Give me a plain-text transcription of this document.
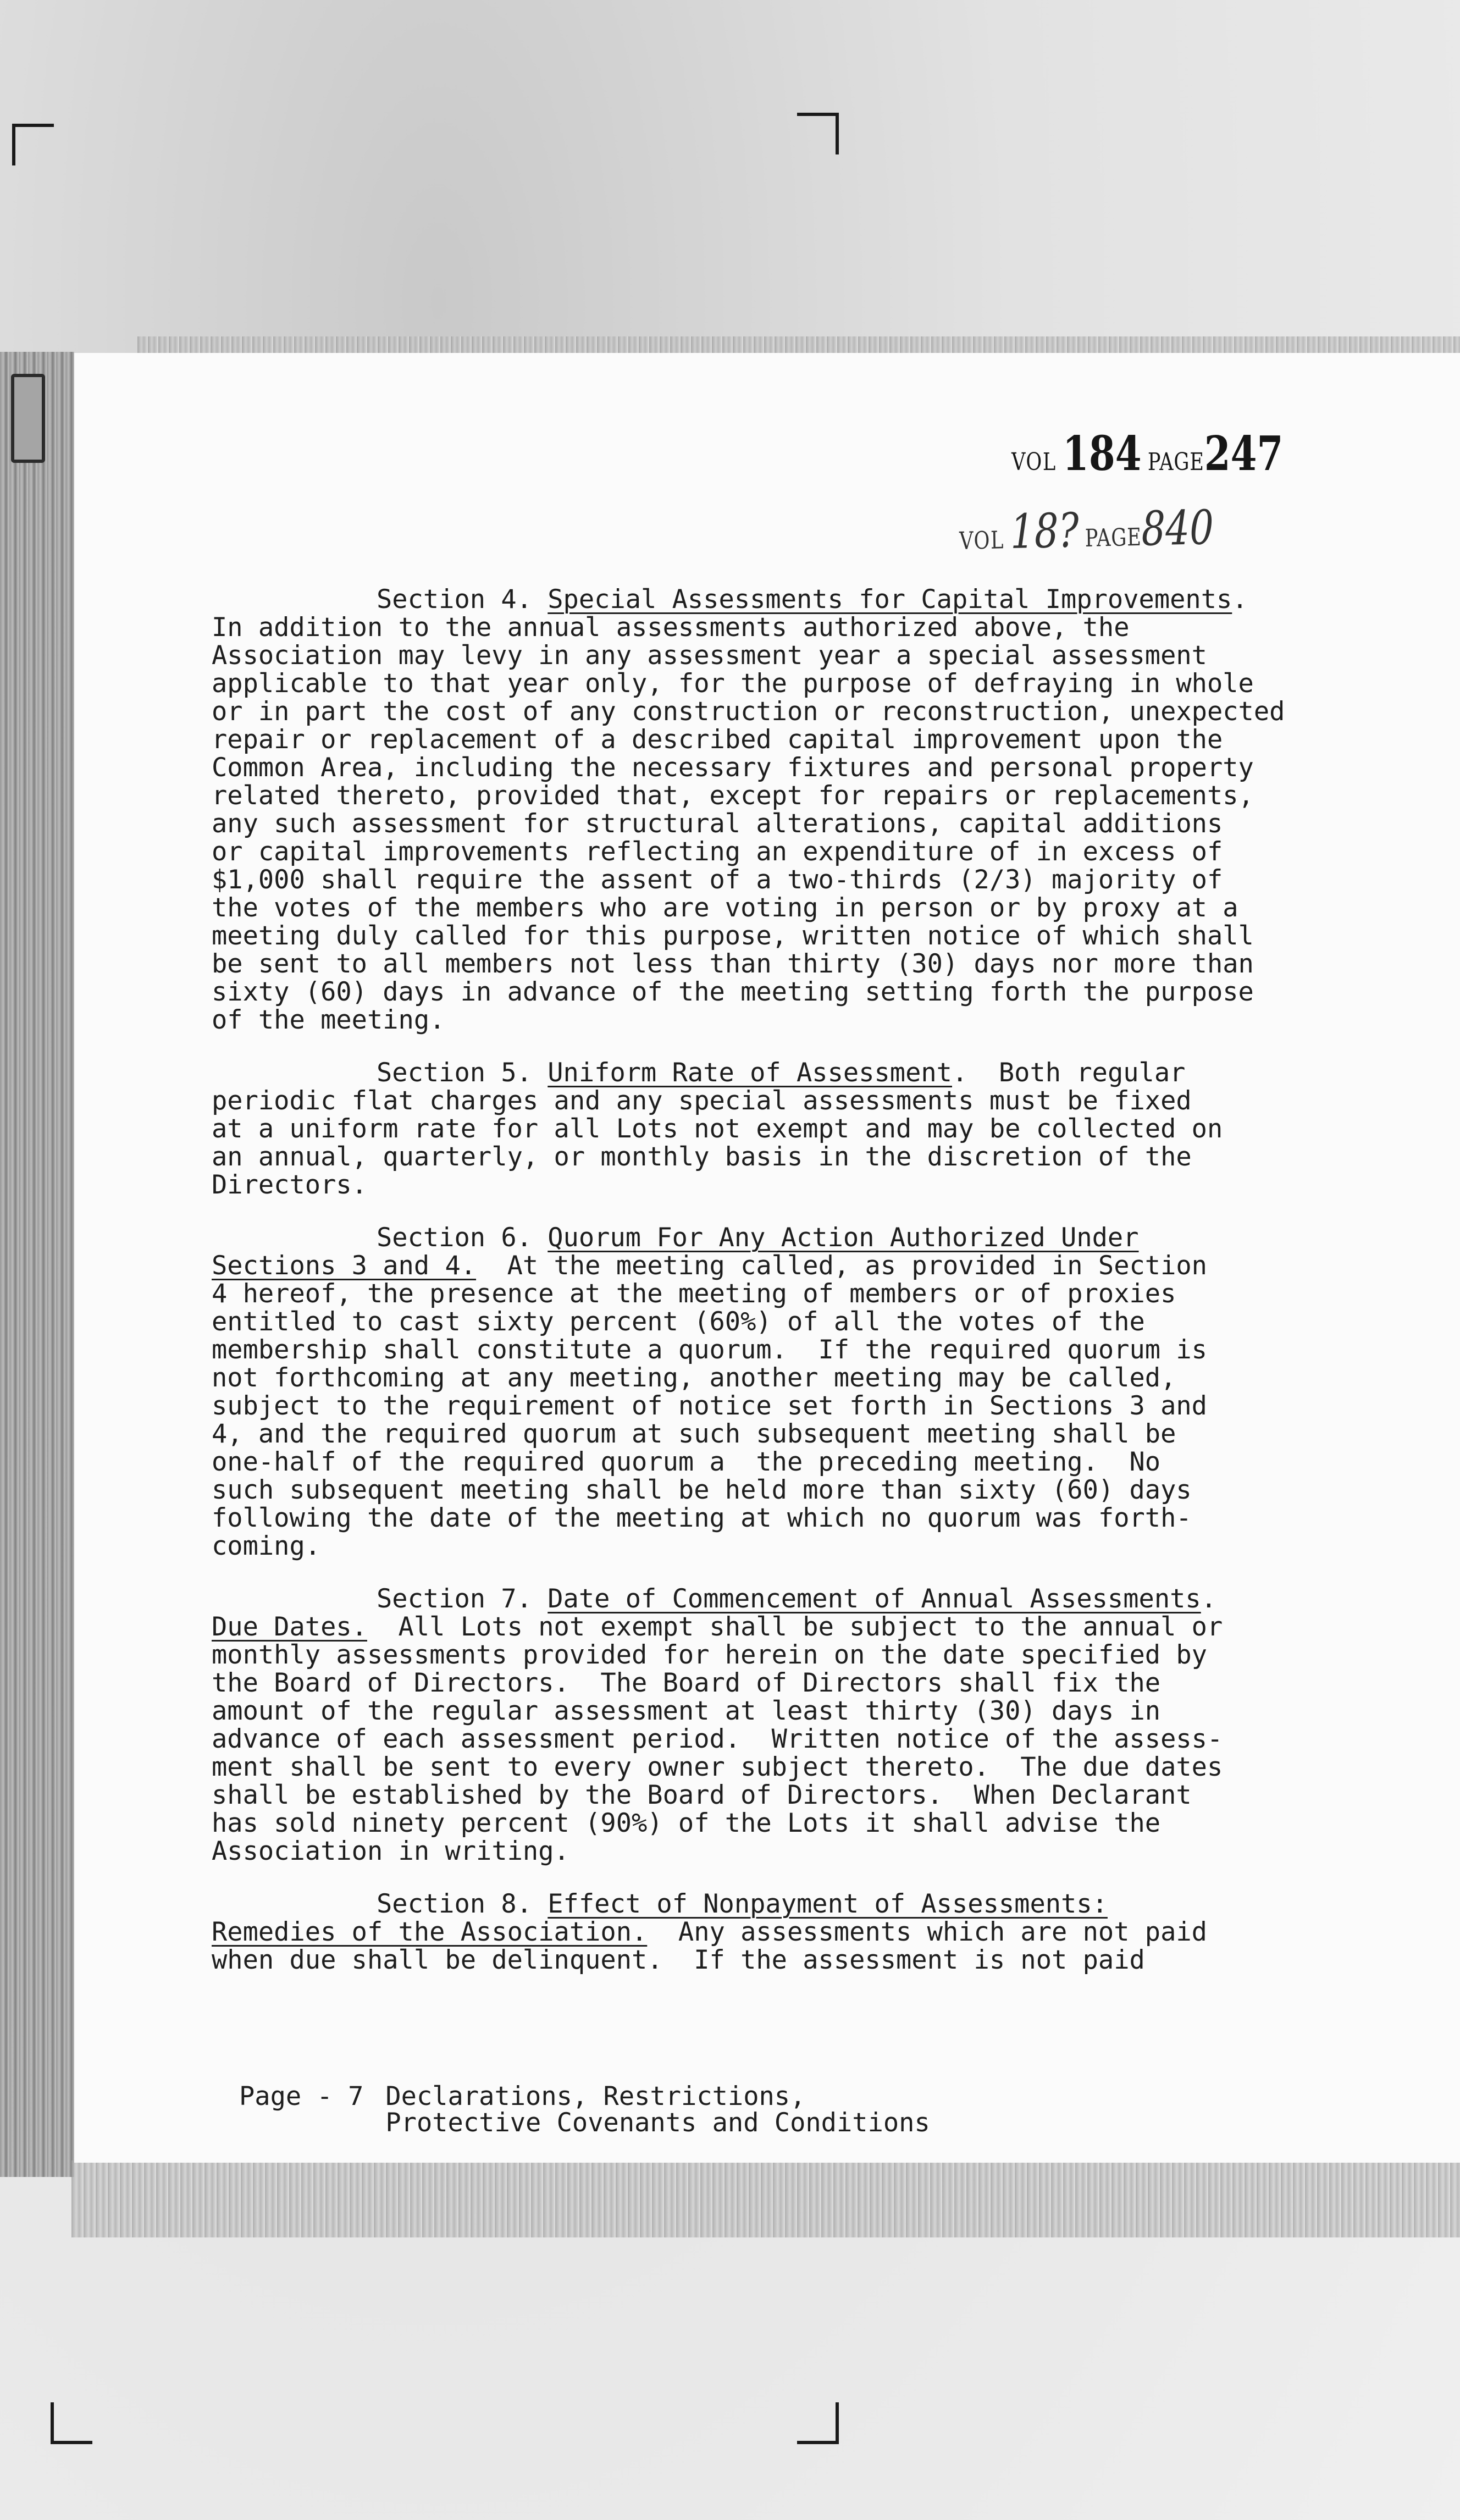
VOL 184 PAGE247
VOL 18? PAGE840
Section 4. Special Assessments for Capital Improvements.
In addition to the annual assessments authorized above, the
Association may levy in any assessment year a special assessment
applicable to that year only, for the purpose of defraying in whole
or in part the cost of any construction or reconstruction, unexpected
repair or replacement of a described capital improvement upon the
Common Area, including the necessary fixtures and personal property
related thereto, provided that, except for repairs or replacements,
any such assessment for structural alterations, capital additions
or capital improvements reflecting an expenditure of in excess of
$1,000 shall require the assent of a two-thirds (2/3) majority of
the votes of the members who are voting in person or by proxy at a
meeting duly called for this purpose, written notice of which shall
be sent to all members not less than thirty (30) days nor more than
sixty (60) days in advance of the meeting setting forth the purpose
of the meeting.
Section 5. Uniform Rate of Assessment.  Both regular
periodic flat charges and any special assessments must be fixed
at a uniform rate for all Lots not exempt and may be collected on
an annual, quarterly, or monthly basis in the discretion of the
Directors.
Section 6. Quorum For Any Action Authorized Under
Sections 3 and 4.  At the meeting called, as provided in Section
4 hereof, the presence at the meeting of members or of proxies
entitled to cast sixty percent (60%) of all the votes of the
membership shall constitute a quorum.  If the required quorum is
not forthcoming at any meeting, another meeting may be called,
subject to the requirement of notice set forth in Sections 3 and
4, and the required quorum at such subsequent meeting shall be
one-half of the required quorum a  the preceding meeting.  No
such subsequent meeting shall be held more than sixty (60) days
following the date of the meeting at which no quorum was forth-
coming.
Section 7. Date of Commencement of Annual Assessments.
Due Dates.  All Lots not exempt shall be subject to the annual or
monthly assessments provided for herein on the date specified by
the Board of Directors.  The Board of Directors shall fix the
amount of the regular assessment at least thirty (30) days in
advance of each assessment period.  Written notice of the assess-
ment shall be sent to every owner subject thereto.  The due dates
shall be established by the Board of Directors.  When Declarant
has sold ninety percent (90%) of the Lots it shall advise the
Association in writing.
Section 8. Effect of Nonpayment of Assessments:
Remedies of the Association.  Any assessments which are not paid
when due shall be delinquent.  If the assessment is not paid
Page - 7 Declarations, Restrictions,
Protective Covenants and Conditions
